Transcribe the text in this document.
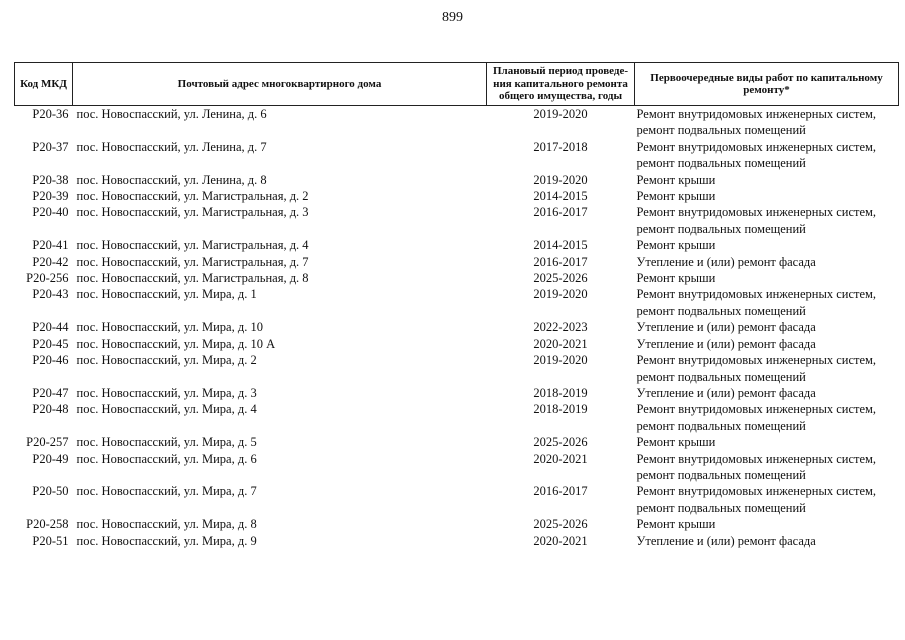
899
Код МКД	Почтовый адрес многоквартирного дома	Плановый период проведе-ния капитального ремонта общего имущества, годы	Первоочередные виды работ по капитальному ремонту*
P20-36	пос. Новоспасский, ул. Ленина, д. 6	2019-2020	Ремонт внутридомовых инженерных систем,
ремонт подвальных помещений

P20-37	пос. Новоспасский, ул. Ленина, д. 7	2017-2018	Ремонт внутридомовых инженерных систем,
ремонт подвальных помещений

P20-38	пос. Новоспасский, ул. Ленина, д. 8	2019-2020	Ремонт крыши

P20-39	пос. Новоспасский, ул. Магистральная, д. 2	2014-2015	Ремонт крыши

P20-40	пос. Новоспасский, ул. Магистральная, д. 3	2016-2017	Ремонт внутридомовых инженерных систем,
ремонт подвальных помещений

P20-41	пос. Новоспасский, ул. Магистральная, д. 4	2014-2015	Ремонт крыши

P20-42	пос. Новоспасский, ул. Магистральная, д. 7	2016-2017	Утепление и (или) ремонт фасада

P20-256	пос. Новоспасский, ул. Магистральная, д. 8	2025-2026	Ремонт крыши

P20-43	пос. Новоспасский, ул. Мира, д. 1	2019-2020	Ремонт внутридомовых инженерных систем,
ремонт подвальных помещений

P20-44	пос. Новоспасский, ул. Мира, д. 10	2022-2023	Утепление и (или) ремонт фасада

P20-45	пос. Новоспасский, ул. Мира, д. 10 А	2020-2021	Утепление и (или) ремонт фасада

P20-46	пос. Новоспасский, ул. Мира, д. 2	2019-2020	Ремонт внутридомовых инженерных систем,
ремонт подвальных помещений

P20-47	пос. Новоспасский, ул. Мира, д. 3	2018-2019	Утепление и (или) ремонт фасада

P20-48	пос. Новоспасский, ул. Мира, д. 4	2018-2019	Ремонт внутридомовых инженерных систем,
ремонт подвальных помещений

P20-257	пос. Новоспасский, ул. Мира, д. 5	2025-2026	Ремонт крыши

P20-49	пос. Новоспасский, ул. Мира, д. 6	2020-2021	Ремонт внутридомовых инженерных систем,
ремонт подвальных помещений

P20-50	пос. Новоспасский, ул. Мира, д. 7	2016-2017	Ремонт внутридомовых инженерных систем,
ремонт подвальных помещений

P20-258	пос. Новоспасский, ул. Мира, д. 8	2025-2026	Ремонт крыши

P20-51	пос. Новоспасский, ул. Мира, д. 9	2020-2021	Утепление и (или) ремонт фасада
